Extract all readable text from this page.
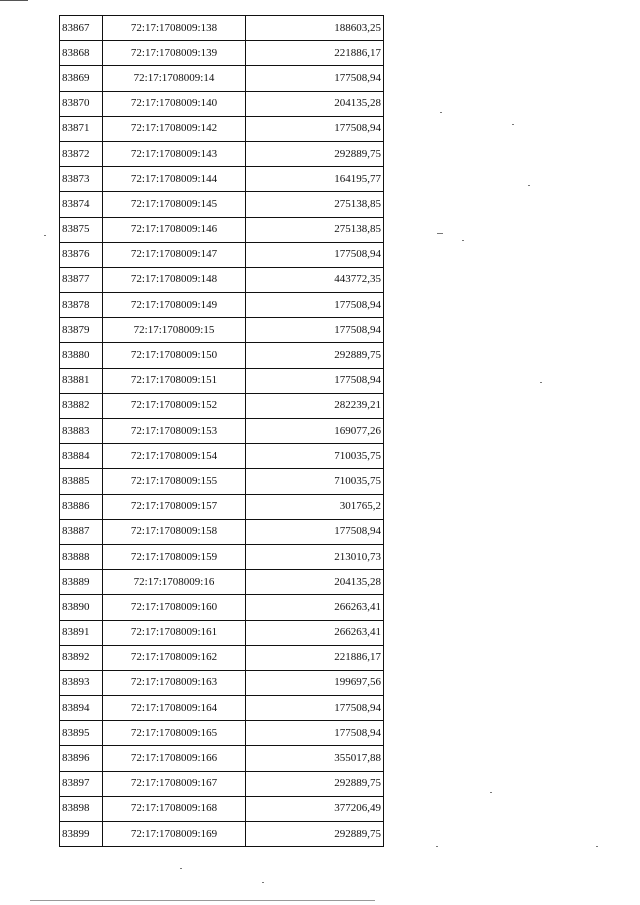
83867	72:17:1708009:138	188603,25
83868	72:17:1708009:139	221886,17
83869	72:17:1708009:14	177508,94
83870	72:17:1708009:140	204135,28
83871	72:17:1708009:142	177508,94
83872	72:17:1708009:143	292889,75
83873	72:17:1708009:144	164195,77
83874	72:17:1708009:145	275138,85
83875	72:17:1708009:146	275138,85
83876	72:17:1708009:147	177508,94
83877	72:17:1708009:148	443772,35
83878	72:17:1708009:149	177508,94
83879	72:17:1708009:15	177508,94
83880	72:17:1708009:150	292889,75
83881	72:17:1708009:151	177508,94
83882	72:17:1708009:152	282239,21
83883	72:17:1708009:153	169077,26
83884	72:17:1708009:154	710035,75
83885	72:17:1708009:155	710035,75
83886	72:17:1708009:157	301765,2
83887	72:17:1708009:158	177508,94
83888	72:17:1708009:159	213010,73
83889	72:17:1708009:16	204135,28
83890	72:17:1708009:160	266263,41
83891	72:17:1708009:161	266263,41
83892	72:17:1708009:162	221886,17
83893	72:17:1708009:163	199697,56
83894	72:17:1708009:164	177508,94
83895	72:17:1708009:165	177508,94
83896	72:17:1708009:166	355017,88
83897	72:17:1708009:167	292889,75
83898	72:17:1708009:168	377206,49
83899	72:17:1708009:169	292889,75
